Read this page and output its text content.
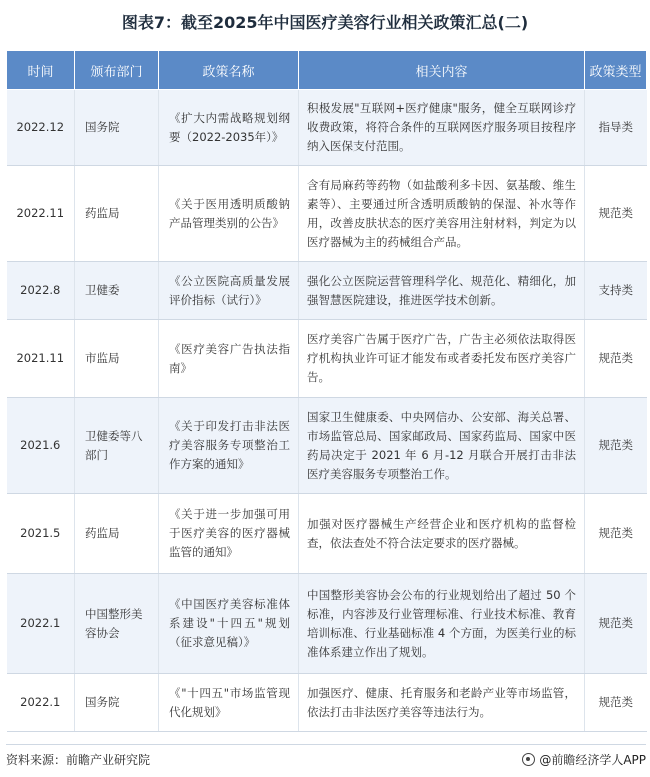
图表7：截至2025年中国医疗美容行业相关政策汇总(二)
时间	颁布部门	政策名称	相关内容	政策类型
2022.12	国务院	《扩大内需战略规划纲要（2022-2035年）》	积极发展"互联网+医疗健康"服务，健全互联网诊疗收费政策，将符合条件的互联网医疗服务项目按程序纳入医保支付范围。	指导类
2022.11	药监局	《关于医用透明质酸钠产品管理类别的公告》	含有局麻药等药物（如盐酸利多卡因、氨基酸、维生素等）、主要通过所含透明质酸钠的保湿、补水等作用，改善皮肤状态的医疗美容用注射材料，判定为以医疗器械为主的药械组合产品。	规范类
2022.8	卫健委	《公立医院高质量发展评价指标（试行）》	强化公立医院运营管理科学化、规范化、精细化，加强智慧医院建设，推进医学技术创新。	支持类
2021.11	市监局	《医疗美容广告执法指南》	医疗美容广告属于医疗广告，广告主必须依法取得医疗机构执业许可证才能发布或者委托发布医疗美容广告。	规范类
2021.6	卫健委等八部门	《关于印发打击非法医疗美容服务专项整治工作方案的通知》	国家卫生健康委、中央网信办、公安部、海关总署、市场监管总局、国家邮政局、国家药监局、国家中医药局决定于 2021 年 6 月-12 月联合开展打击非法医疗美容服务专项整治工作。	规范类
2021.5	药监局	《关于进一步加强可用于医疗美容的医疗器械监管的通知》	加强对医疗器械生产经营企业和医疗机构的监督检查，依法查处不符合法定要求的医疗器械。	规范类
2022.1	中国整形美容协会	《中国医疗美容标准体系建设"十四五"规划（征求意见稿）》	中国整形美容协会公布的行业规划给出了超过 50 个标准，内容涉及行业管理标准、行业技术标准、教育培训标准、行业基础标准 4 个方面，为医美行业的标准体系建立作出了规划。	规范类
2022.1	国务院	《"十四五"市场监管现代化规划》	加强医疗、健康、托育服务和老龄产业等市场监管，依法打击非法医疗美容等违法行为。	规范类
资料来源：前瞻产业研究院	@前瞻经济学人APP
